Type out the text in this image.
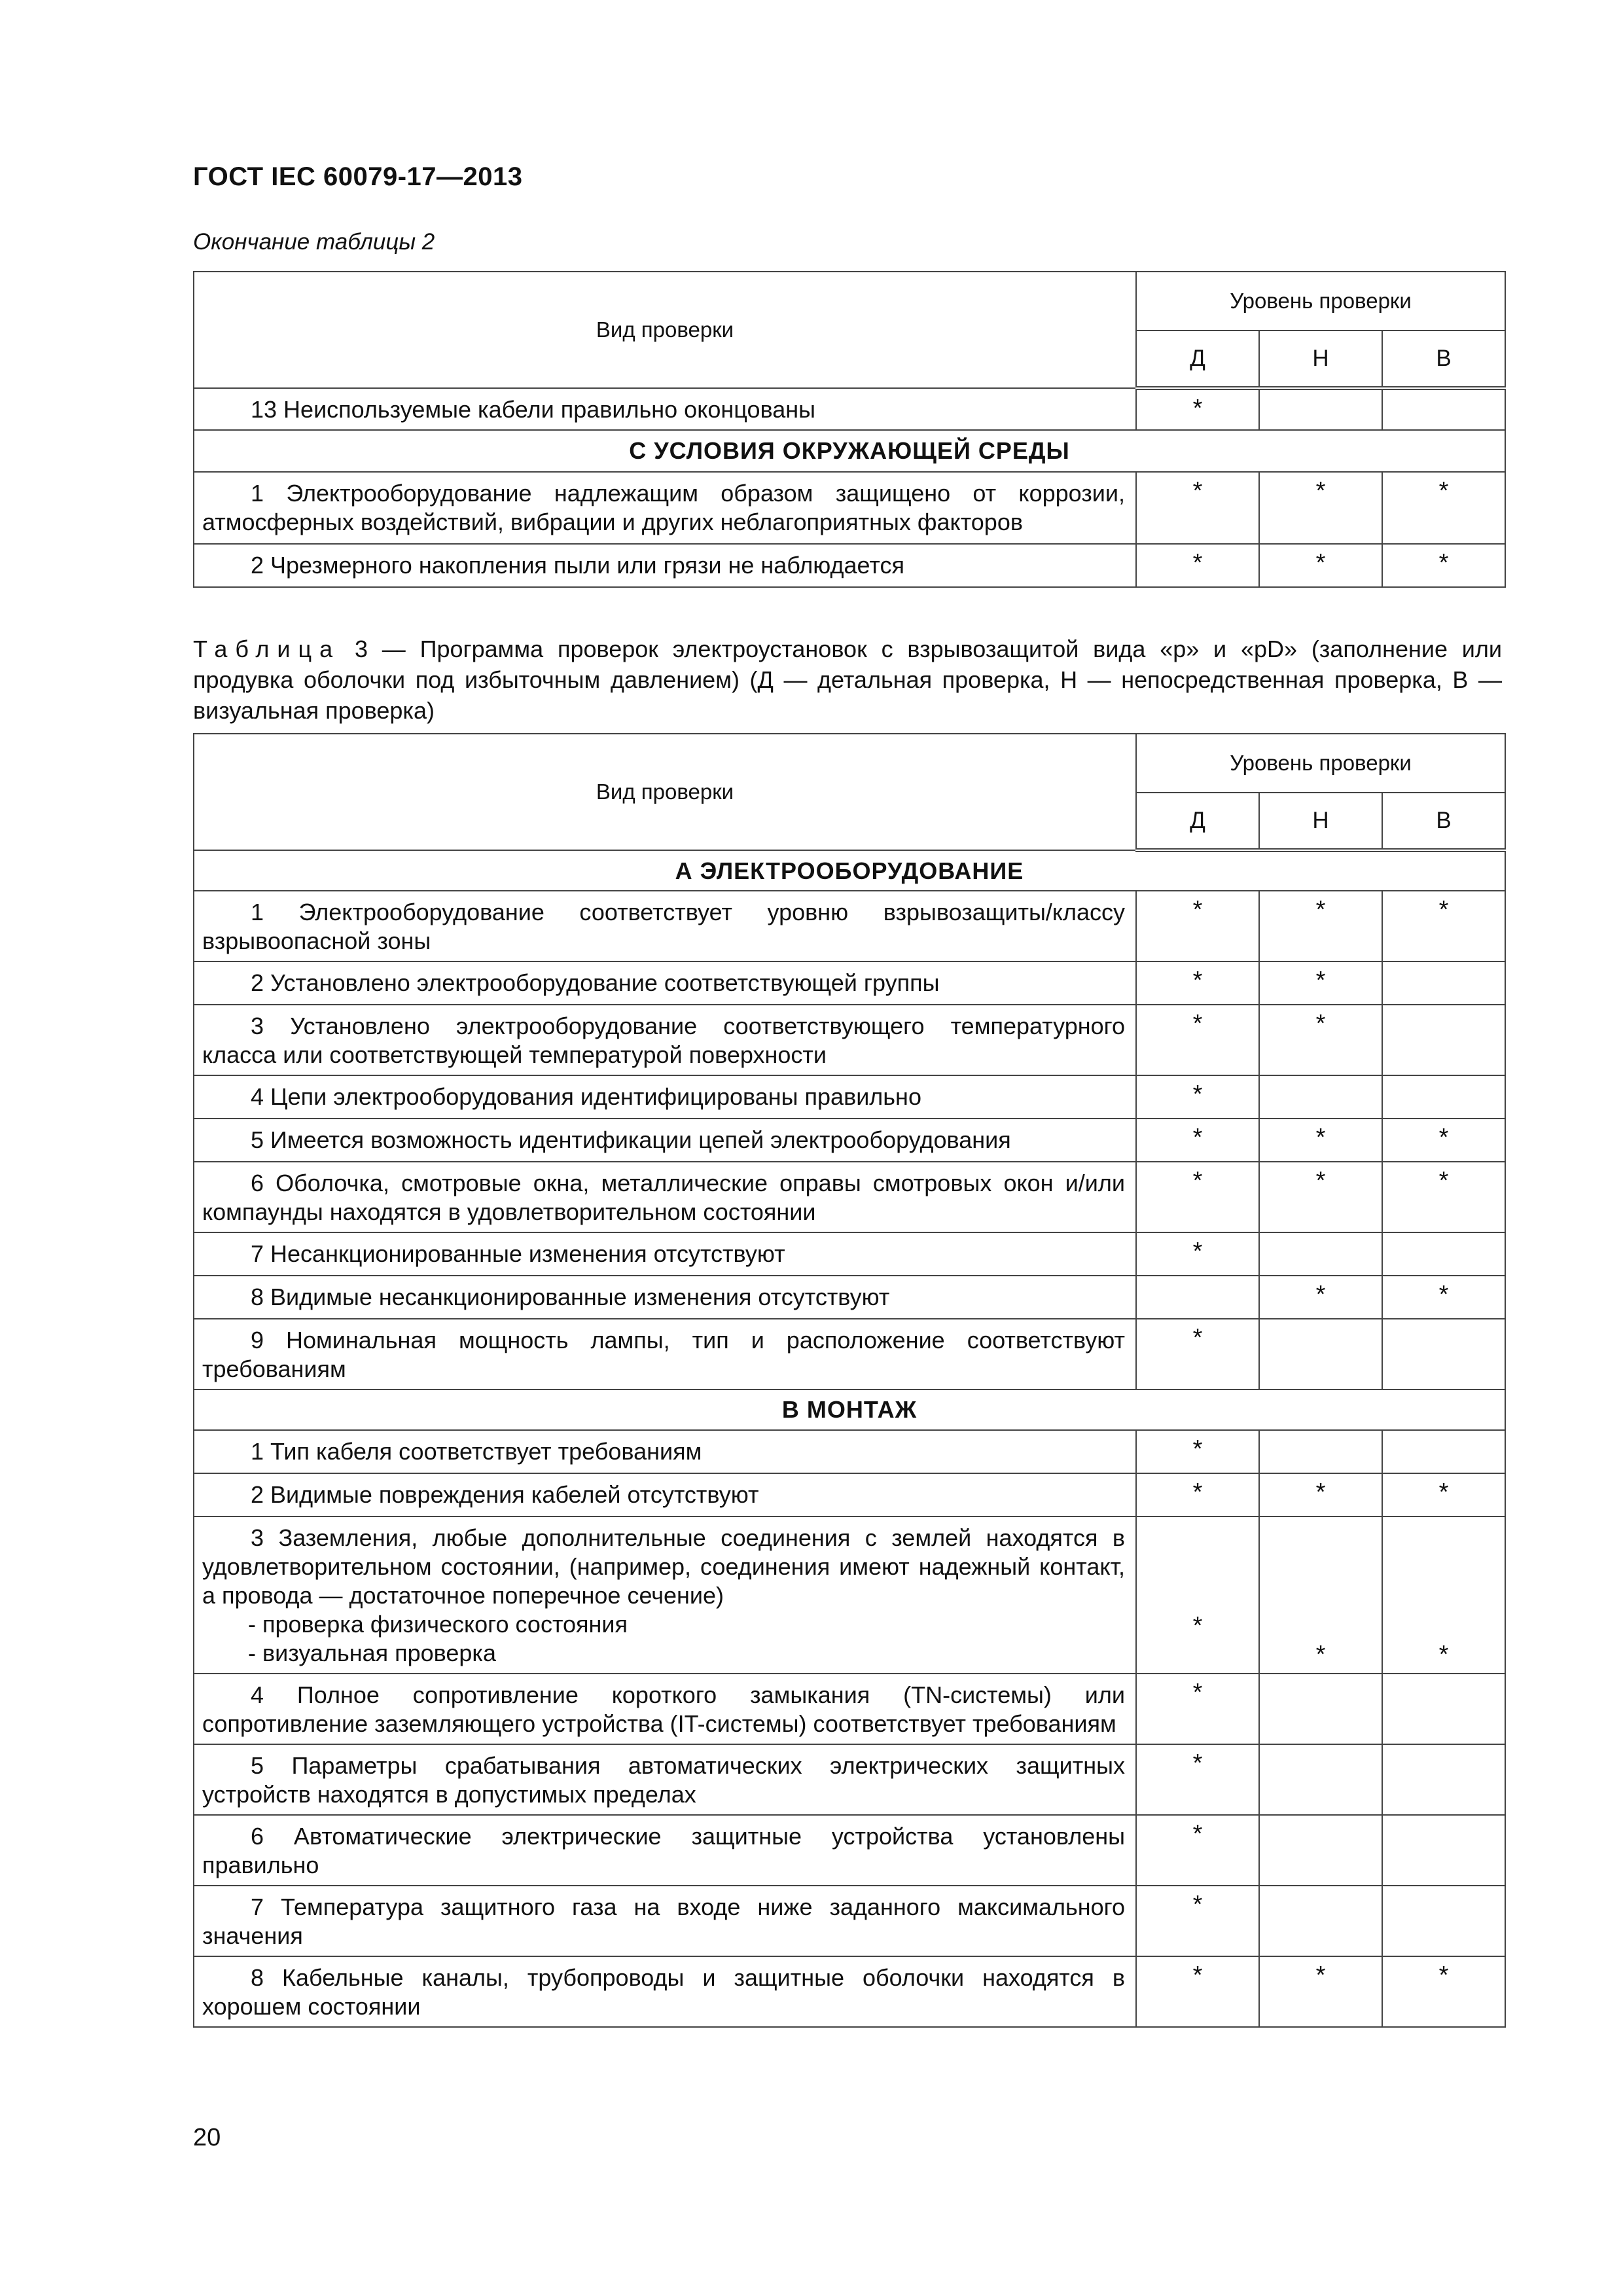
ГОСТ IEC 60079-17—2013
Окончание таблицы 2
Вид проверки	Уровень проверки		
	Д	Н	В
13 Неиспользуемые кабели правильно оконцованы	*		
C УСЛОВИЯ ОКРУЖАЮЩЕЙ СРЕДЫ			
1 Электрооборудование надлежащим образом защищено от коррозии, атмосферных воздействий, вибрации и других неблагоприятных факторов	*	*	*
2 Чрезмерного накопления пыли или грязи не наблюдается	*	*	*
Таблица 3 — Программа проверок электроустановок с взрывозащитой вида «р» и «рD» (заполнение или продувка оболочки под избыточным давлением) (Д — детальная проверка, Н — непосредственная проверка, В — визуальная проверка)
Вид проверки	Уровень проверки		
	Д	Н	В
А ЭЛЕКТРООБОРУДОВАНИЕ			
1 Электрооборудование соответствует уровню взрывозащиты/классу взрывоопасной зоны	*	*	*
2 Установлено электрооборудование соответствующей группы	*	*	
3 Установлено электрооборудование соответствующего температурного класса или соответствующей температурой поверхности	*	*	
4 Цепи электрооборудования идентифицированы правильно	*		
5 Имеется возможность идентификации цепей электрооборудования	*	*	*
6 Оболочка, смотровые окна, металлические оправы смотровых окон и/или компаунды находятся в удовлетворительном состоянии	*	*	*
7 Несанкционированные изменения отсутствуют	*		
8 Видимые несанкционированные изменения отсутствуют		*	*
9 Номинальная мощность лампы, тип и расположение соответствуют требованиям	*		
В МОНТАЖ			
1 Тип кабеля соответствует требованиям	*		
2 Видимые повреждения кабелей отсутствуют	*	*	*
3 Заземления, любые дополнительные соединения с землей находятся в удовлетворительном состоянии, (например, соединения имеют надежный контакт, а провода — достаточное поперечное сечение)
- проверка физического состояния
- визуальная проверка	*	*	*
4 Полное сопротивление короткого замыкания (TN-системы) или сопротивление заземляющего устройства (IT-системы) соответствует требованиям	*		
5 Параметры срабатывания автоматических электрических защитных устройств находятся в допустимых пределах	*		
6 Автоматические электрические защитные устройства установлены правильно	*		
7 Температура защитного газа на входе ниже заданного максимального значения	*		
8 Кабельные каналы, трубопроводы и защитные оболочки находятся в хорошем состоянии	*	*	*
20
